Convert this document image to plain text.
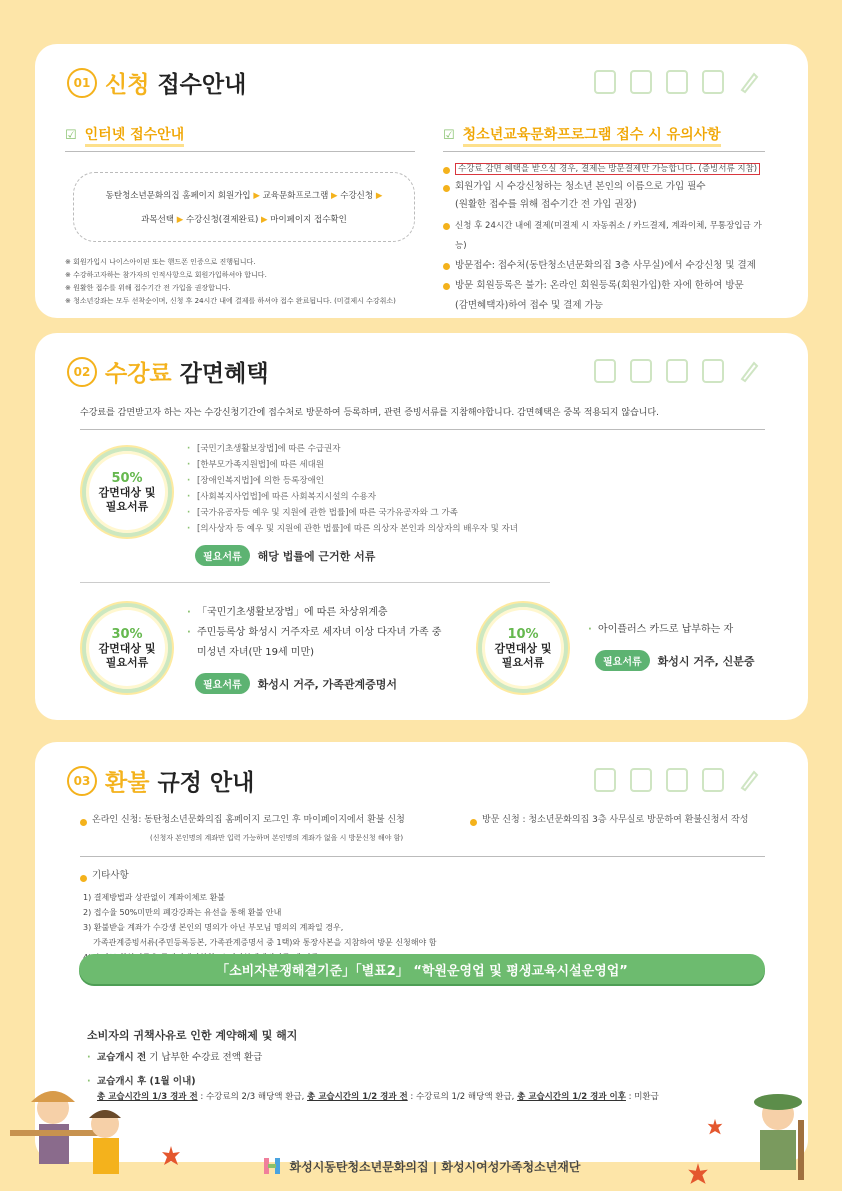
01 신청 접수안내
☑ 인터넷 접수안내
동탄청소년문화의집 홈페이지 회원가입 ▶ 교육문화프로그램 ▶ 수강신청 ▶
과목선택 ▶ 수강신청(결제완료) ▶ 마이페이지 접수확인
※ 회원가입시 나이스아이핀 또는 핸드폰 인증으로 진행됩니다.
※ 수강하고자하는 참가자의 인적사항으로 회원가입하셔야 합니다.
※ 원활한 접수를 위해 접수기간 전 가입을 권장합니다.
※ 청소년강좌는 모두 선착순이며, 신청 후 24시간 내에 결제를 하셔야 접수 완료됩니다. (미결제시 수강취소)
☑ 청소년교육문화프로그램 접수 시 유의사항
수강료 감면 혜택을 받으실 경우, 결제는 방문결제만 가능합니다. (증빙서류 지참)
회원가입 시 수강신청하는 청소년 본인의 이름으로 가입 필수
(원활한 접수를 위해 접수기간 전 가입 권장)
신청 후 24시간 내에 결제(미결제 시 자동취소 / 카드결제, 계좌이체, 무통장입금 가능)
방문접수: 접수처(동탄청소년문화의집 3층 사무실)에서 수강신청 및 결제
방문 회원등록은 불가: 온라인 회원등록(회원가입)한 자에 한하여 방문
(감면혜택자)하여 접수 및 결제 가능
02 수강료 감면혜택
수강료를 감면받고자 하는 자는 수강신청기간에 접수처로 방문하여 등록하며, 관련 증빙서류를 지참해야합니다. 감면혜택은 중복 적용되지 않습니다.
50%
감면대상 및
필요서류
· [국민기초생활보장법]에 따른 수급권자
· [한부모가족지원법]에 따른 세대원
· [장애인복지법]에 의한 등록장애인
· [사회복지사업법]에 따른 사회복지시설의 수용자
· [국가유공자등 예우 및 지원에 관한 법률]에 따른 국가유공자와 그 가족
· [의사상자 등 예우 및 지원에 관한 법률]에 따른 의상자 본인과 의상자의 배우자 및 자녀
필요서류	해당 법률에 근거한 서류
30%
감면대상 및
필요서류
· 「국민기초생활보장법」에 따른 차상위계층
· 주민등록상 화성시 거주자로 세자녀 이상 다자녀 가족 중
미성년 자녀(만 19세 미만)
필요서류	화성시 거주, 가족관계증명서
10%
감면대상 및
필요서류
· 아이플러스 카드로 납부하는 자
필요서류	화성시 거주, 신분증
03 환불 규정 안내
온라인 신청: 동탄청소년문화의집 홈페이지 로그인 후 마이페이지에서 환불 신청
(신청자 본인명의 계좌만 입력 가능하며 본인명의 계좌가 없을 시 방문신청 해야 함)
방문 신청 : 청소년문화의집 3층 사무실로 방문하여 환불신청서 작성
기타사항
1) 결제방법과 상관없이 계좌이체로 환불
2) 접수율 50%미만의 폐강강좌는 유선을 통해 환불 안내
3) 환불받을 계좌가 수강생 본인의 명의가 아닌 부모님 명의의 계좌일 경우,
가족관계증빙서류(주민등록등본, 가족관계증명서 중 1택)와 통장사본을 지참하여 방문 신청해야 함
「소비자분쟁해결기준」「별표2」 “학원운영업 및 평생교육시설운영업”
소비자의 귀책사유로 인한 계약해제 및 해지
· 교습개시 전 기 납부한 수강료 전액 환급
· 교습개시 후 (1월 이내)
총 교습시간의 1/3 경과 전 : 수강료의 2/3 해당액 환급, 총 교습시간의 1/2 경과 전 : 수강료의 1/2 해당액 환급, 총 교습시간의 1/2 경과 이후 : 미환급
화성시동탄청소년문화의집 | 화성시여성가족청소년재단
